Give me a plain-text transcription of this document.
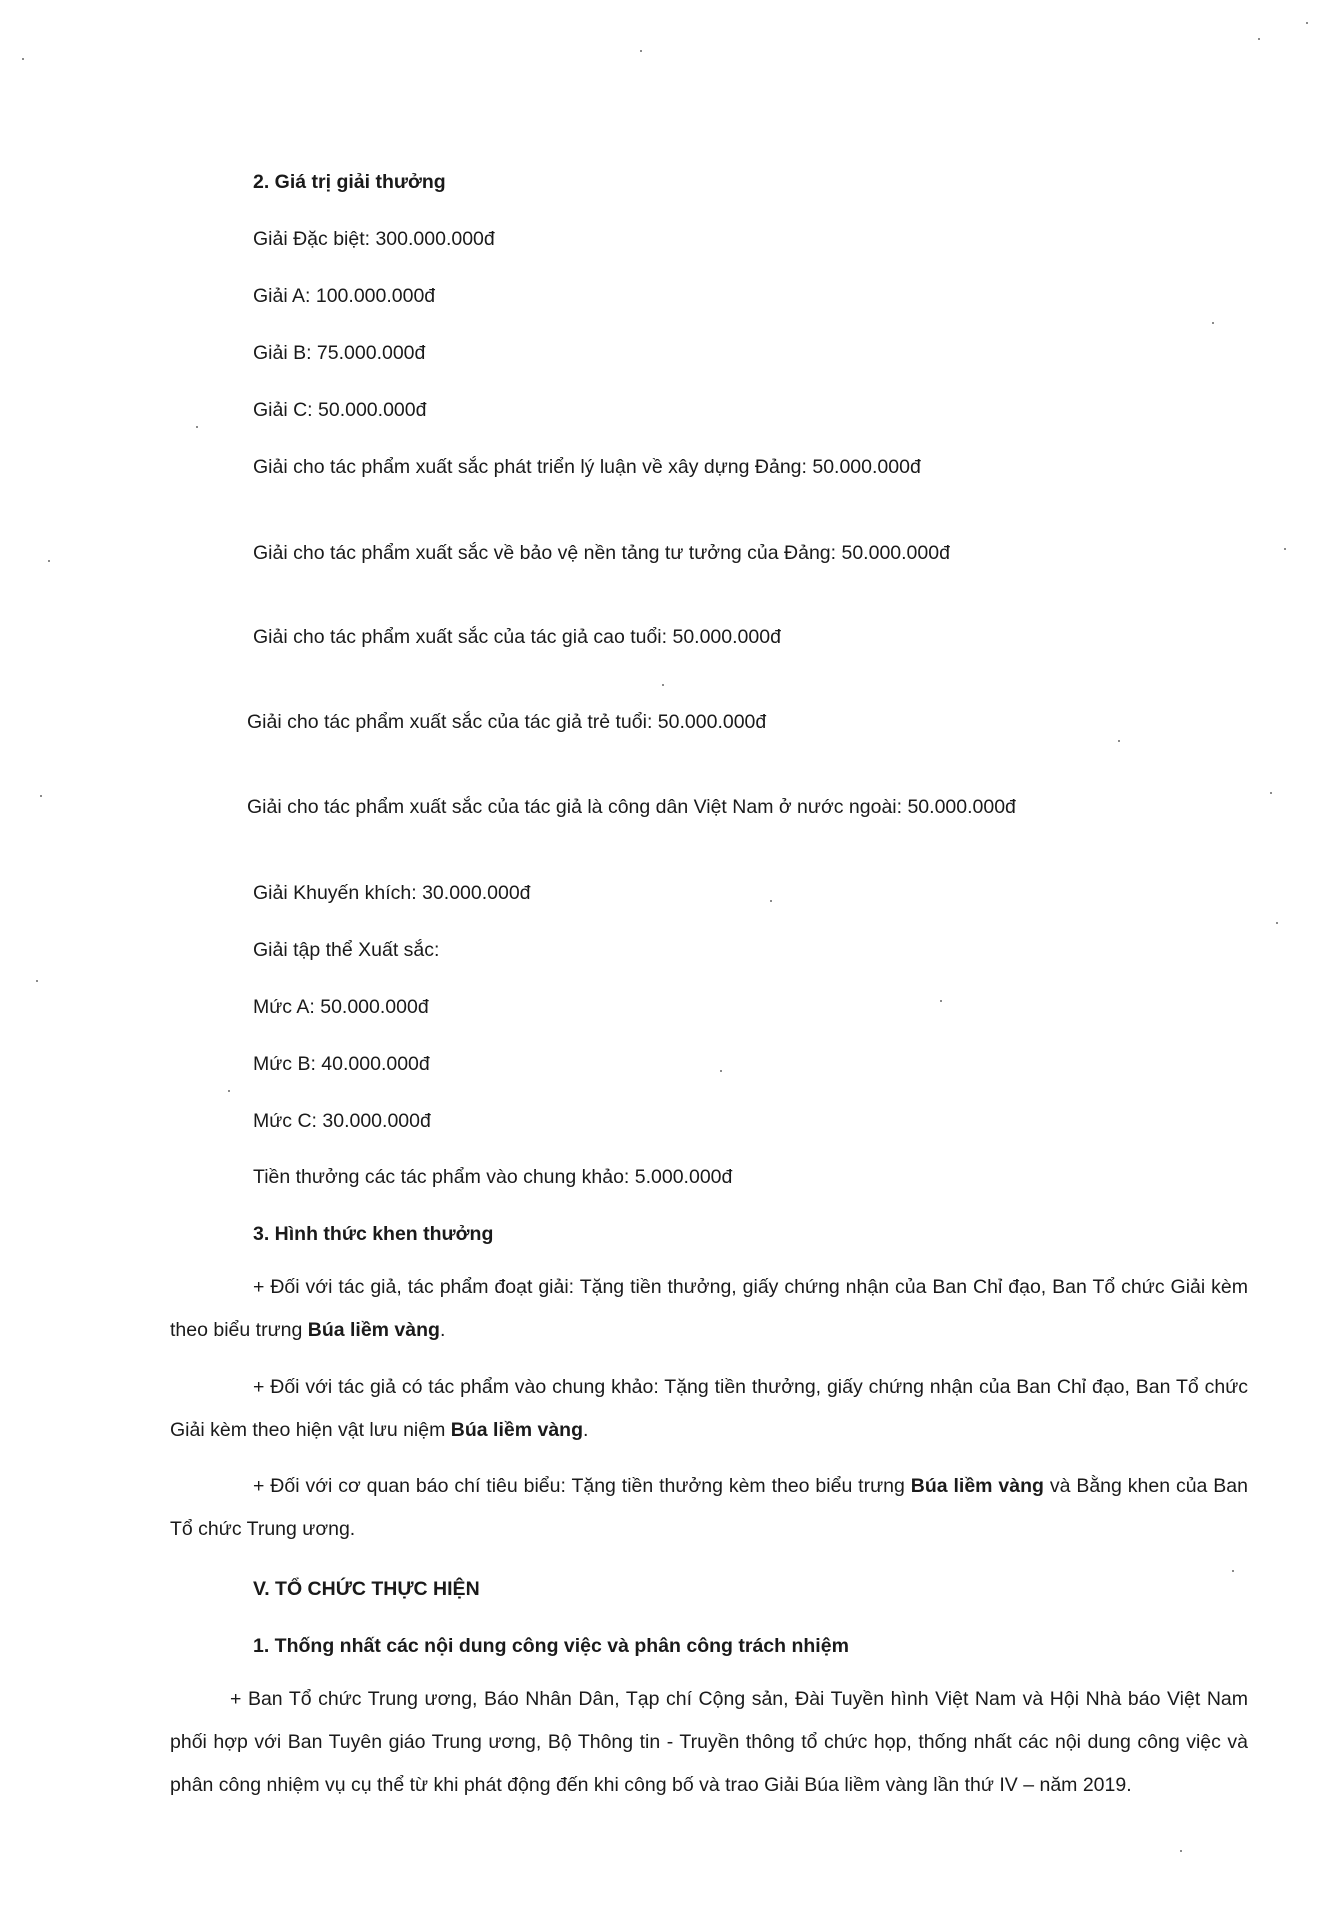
2. Giá trị giải thưởng
Giải Đặc biệt: 300.000.000đ
Giải A: 100.000.000đ
Giải B: 75.000.000đ
Giải C: 50.000.000đ
Giải cho tác phẩm xuất sắc phát triển lý luận về xây dựng Đảng: 50.000.000đ
Giải cho tác phẩm xuất sắc về bảo vệ nền tảng tư tưởng của Đảng: 50.000.000đ
Giải cho tác phẩm xuất sắc của tác giả cao tuổi: 50.000.000đ
Giải cho tác phẩm xuất sắc của tác giả trẻ tuổi: 50.000.000đ
Giải cho tác phẩm xuất sắc của tác giả là công dân Việt Nam ở nước ngoài: 50.000.000đ
Giải Khuyến khích: 30.000.000đ
Giải tập thể Xuất sắc:
Mức A: 50.000.000đ
Mức B: 40.000.000đ
Mức C: 30.000.000đ
Tiền thưởng các tác phẩm vào chung khảo: 5.000.000đ
3. Hình thức khen thưởng
+ Đối với tác giả, tác phẩm đoạt giải: Tặng tiền thưởng, giấy chứng nhận của Ban Chỉ đạo, Ban Tổ chức Giải kèm theo biểu trưng Búa liềm vàng.
+ Đối với tác giả có tác phẩm vào chung khảo: Tặng tiền thưởng, giấy chứng nhận của Ban Chỉ đạo, Ban Tổ chức Giải kèm theo hiện vật lưu niệm Búa liềm vàng.
+ Đối với cơ quan báo chí tiêu biểu: Tặng tiền thưởng kèm theo biểu trưng Búa liềm vàng và Bằng khen của Ban Tổ chức Trung ương.
V. TỔ CHỨC THỰC HIỆN
1. Thống nhất các nội dung công việc và phân công trách nhiệm
+ Ban Tổ chức Trung ương, Báo Nhân Dân, Tạp chí Cộng sản, Đài Tuyền hình Việt Nam và Hội Nhà báo Việt Nam phối hợp với Ban Tuyên giáo Trung ương, Bộ Thông tin - Truyền thông tổ chức họp, thống nhất các nội dung công việc và phân công nhiệm vụ cụ thể từ khi phát động đến khi công bố và trao Giải Búa liềm vàng lần thứ IV – năm 2019.
